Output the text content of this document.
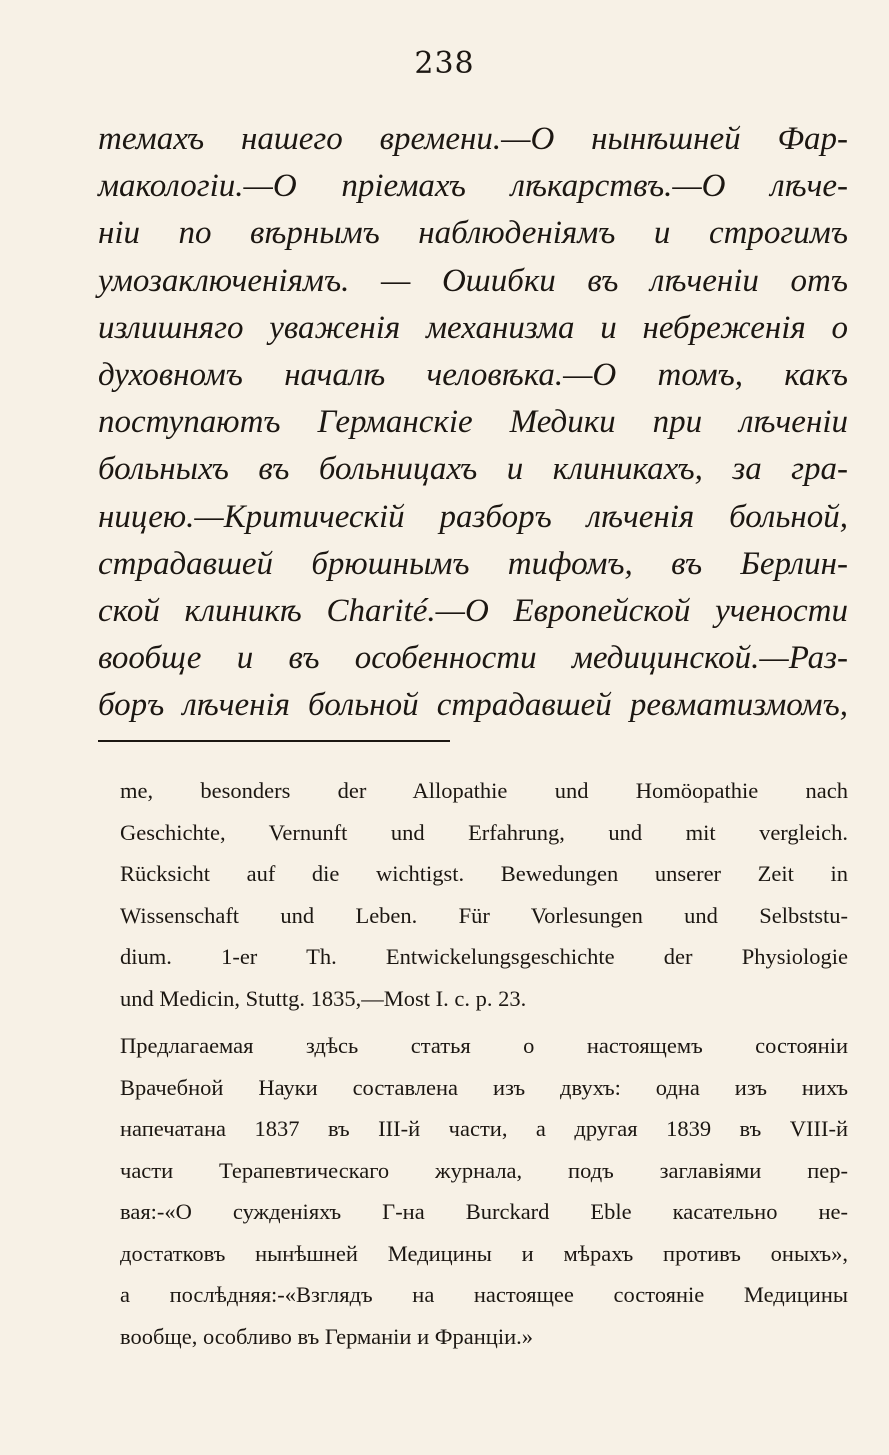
238
темахъ нашего времени.—О нынѣшней Фар-
макологіи.—О пріемахъ лѣкарствъ.—О лѣче-
ніи по вѣрнымъ наблюденіямъ и строгимъ
умозаключеніямъ. — Ошибки въ лѣченіи отъ
излишняго уваженія механизма и небреженія о
духовномъ началѣ человѣка.—О томъ, какъ
поступаютъ Германскіе Медики при лѣченіи
больныхъ въ больницахъ и клиникахъ, за гра-
ницею.—Критическій разборъ лѣченія больной,
страдавшей брюшнымъ тифомъ, въ Берлин-
ской клиникѣ Charité.—О Европейской учености
вообще и въ особенности медицинской.—Раз-
боръ лѣченія больной страдавшей ревматизмомъ,
me, besonders der Allopathie und Homöopathie nach
Geschichte, Vernunft und Erfahrung, und mit vergleich.
Rücksicht auf die wichtigst. Bewedungen unserer Zeit in
Wissenschaft und Leben. Für Vorlesungen und Selbststu-
dium. 1-er Th. Entwickelungsgeschichte der Physiologie
und Medicin, Stuttg. 1835,—Most I. c. p. 23.
Предлагаемая здѣсь статья о настоящемъ состояніи
Врачебной Науки составлена изъ двухъ: одна изъ нихъ
напечатана 1837 въ III-й части, а другая 1839 въ VIII-й
части Терапевтическаго журнала, подъ заглавіями пер-
вая:-«О сужденіяхъ Г-на Burckard Eble касательно не-
достатковъ нынѣшней Медицины и мѣрахъ противъ оныхъ»,
а послѣдняя:-«Взглядъ на настоящее состояніе Медицины
вообще, особливо въ Германіи и Франціи.»
